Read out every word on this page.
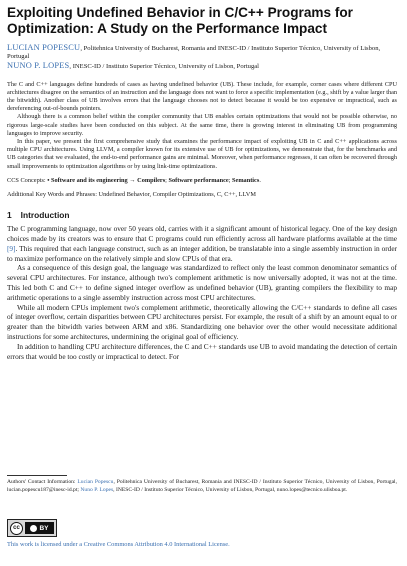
Exploiting Undefined Behavior in C/C++ Programs for Optimization: A Study on the Performance Impact
LUCIAN POPESCU, Politehnica University of Bucharest, Romania and INESC-ID / Instituto Superior Técnico, University of Lisbon, Portugal
NUNO P. LOPES, INESC-ID / Instituto Superior Técnico, University of Lisbon, Portugal

The C and C++ languages define hundreds of cases as having undefined behavior (UB). These include, for example, corner cases where different CPU architectures disagree on the semantics of an instruction and the language does not want to force a specific implementation (e.g., shift by a value larger than the bitwidth). Another class of UB involves errors that the language chooses not to detect because it would be too expensive or impractical, such as dereferencing out-of-bounds pointers.

Although there is a common belief within the compiler community that UB enables certain optimizations that would not be possible otherwise, no rigorous large-scale studies have been conducted on this subject. At the same time, there is growing interest in eliminating UB from programming languages to improve security.

In this paper, we present the first comprehensive study that examines the performance impact of exploiting UB in C and C++ applications across multiple CPU architectures. Using LLVM, a compiler known for its extensive use of UB for optimizations, we demonstrate that, for the benchmarks and UB categories that we evaluated, the end-to-end performance gains are minimal. Moreover, when performance regresses, it can often be recovered through small improvements to optimization algorithms or by using link-time optimizations.

CCS Concepts: • Software and its engineering → Compilers; Software performance; Semantics.
Additional Key Words and Phrases: Undefined Behavior, Compiler Optimizations, C, C++, LLVM
1 Introduction

The C programming language, now over 50 years old, carries with it a significant amount of historical legacy. One of the key design choices made by its creators was to ensure that C programs could run efficiently across all hardware platforms available at the time [9]. This required that each language construct, such as an integer addition, be translatable into a single assembly instruction in order to maximize performance on the relatively simple and slow CPUs of that era.

As a consequence of this design goal, the language was standardized to reflect only the least common denominator semantics of several CPU architectures. For instance, although two's complement arithmetic is now universally adopted, it was not at the time. This led both C and C++ to define signed integer overflow as undefined behavior (UB), granting compilers the flexibility to map arithmetic operations to a single assembly instruction across most CPU architectures.

While all modern CPUs implement two's complement arithmetic, theoretically allowing the C/C++ standards to define all cases of integer overflow, certain disparities between CPU architectures persist. For example, the result of a shift by an amount equal to or greater than the bitwidth varies between ARM and x86. Standardizing one behavior over the other would necessitate additional instructions for some architectures, undermining the original goal of efficiency.

In addition to handling CPU architecture differences, the C and C++ standards use UB to avoid mandating the detection of certain errors that would be too costly or impractical to detect. For

Authors' Contact Information: Lucian Popescu, Politehnica University of Bucharest, Romania and INESC-ID / Instituto Superior Técnico, University of Lisbon, Portugal, lucian.popescu187@inesc-id.pt; Nuno P. Lopes, INESC-ID / Instituto Superior Técnico, University of Lisbon, Portugal, nuno.lopes@tecnico.ulisboa.pt.
cc	BY
This work is licensed under a Creative Commons Attribution 4.0 International License.
